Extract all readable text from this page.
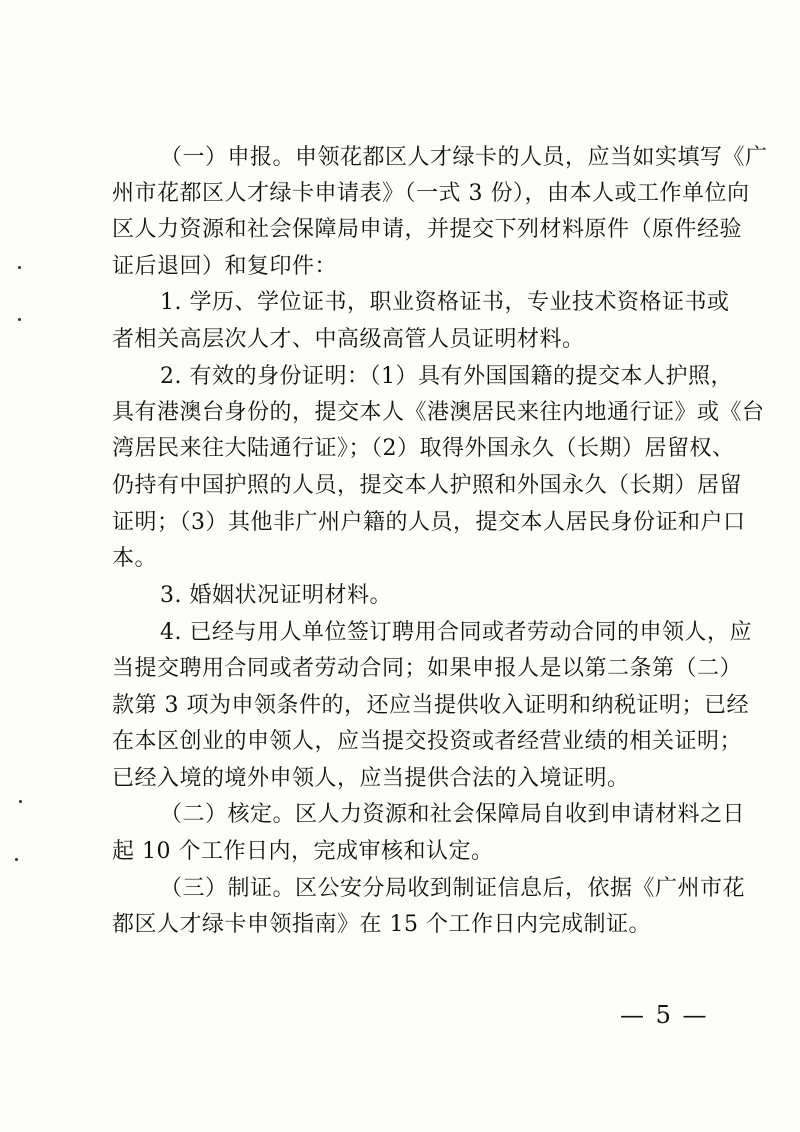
（一）申报。申领花都区人才绿卡的人员，应当如实填写《广
州市花都区人才绿卡申请表》（一式 3 份），由本人或工作单位向
区人力资源和社会保障局申请，并提交下列材料原件（原件经验
证后退回）和复印件：
1. 学历、学位证书，职业资格证书，专业技术资格证书或
者相关高层次人才、中高级高管人员证明材料。
2. 有效的身份证明：（1）具有外国国籍的提交本人护照，
具有港澳台身份的，提交本人《港澳居民来往内地通行证》或《台
湾居民来往大陆通行证》；（2）取得外国永久（长期）居留权、
仍持有中国护照的人员，提交本人护照和外国永久（长期）居留
证明；（3）其他非广州户籍的人员，提交本人居民身份证和户口
本。
3. 婚姻状况证明材料。
4. 已经与用人单位签订聘用合同或者劳动合同的申领人，应
当提交聘用合同或者劳动合同；如果申报人是以第二条第（二）
款第 3 项为申领条件的，还应当提供收入证明和纳税证明；已经
在本区创业的申领人，应当提交投资或者经营业绩的相关证明；
已经入境的境外申领人，应当提供合法的入境证明。
（二）核定。区人力资源和社会保障局自收到申请材料之日
起 10 个工作日内，完成审核和认定。
（三）制证。区公安分局收到制证信息后，依据《广州市花
都区人才绿卡申领指南》在 15 个工作日内完成制证。
— 5 —
